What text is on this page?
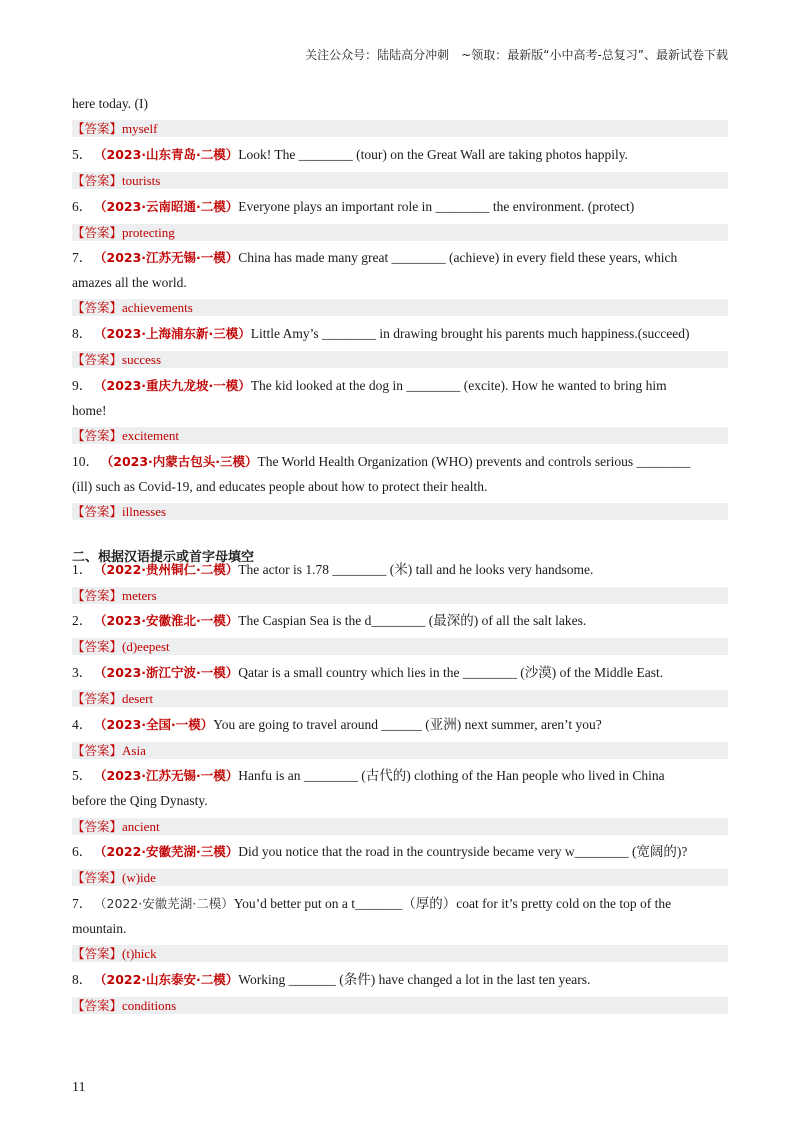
关注公众号：陆陆高分冲刺　~领取：最新版“小中高考-总复习”、最新试卷下载
here today. (I)
【答案】myself
5． （2023·山东青岛·二模）Look! The ________ (tour) on the Great Wall are taking photos happily.
【答案】tourists
6． （2023·云南昭通·二模）Everyone plays an important role in ________ the environment. (protect)
【答案】protecting
7． （2023·江苏无锡·一模）China has made many great ________ (achieve) in every field these years, which
amazes all the world.
【答案】achievements
8． （2023·上海浦东新·三模）Little Amy’s ________ in drawing brought his parents much happiness.(succeed)
【答案】success
9． （2023·重庆九龙坡·一模）The kid looked at the dog in ________ (excite). How he wanted to bring him
home!
【答案】excitement
10． （2023·内蒙古包头·三模）The World Health Organization (WHO) prevents and controls serious ________
(ill) such as Covid-19, and educates people about how to protect their health.
【答案】illnesses
二、根据汉语提示或首字母填空
1． （2022·贵州铜仁·二模）The actor is 1.78 ________ (米) tall and he looks very handsome.
【答案】meters
2． （2023·安徽淮北·一模）The Caspian Sea is the d________ (最深的) of all the salt lakes.
【答案】(d)eepest
3． （2023·浙江宁波·一模）Qatar is a small country which lies in the ________ (沙漠) of the Middle East.
【答案】desert
4． （2023·全国·一模）You are going to travel around ______ (亚洲) next summer, aren’t you?
【答案】Asia
5． （2023·江苏无锡·一模）Hanfu is an ________ (古代的) clothing of the Han people who lived in China
before the Qing Dynasty.
【答案】ancient
6． （2022·安徽芜湖·三模）Did you notice that the road in the countryside became very w________ (宽阔的)?
【答案】(w)ide
7． （2022·安徽芜湖·二模）You’d better put on a t_______（厚的）coat for it’s pretty cold on the top of the
mountain.
【答案】(t)hick
8． （2022·山东泰安·二模）Working _______ (条件) have changed a lot in the last ten years.
【答案】conditions
11
